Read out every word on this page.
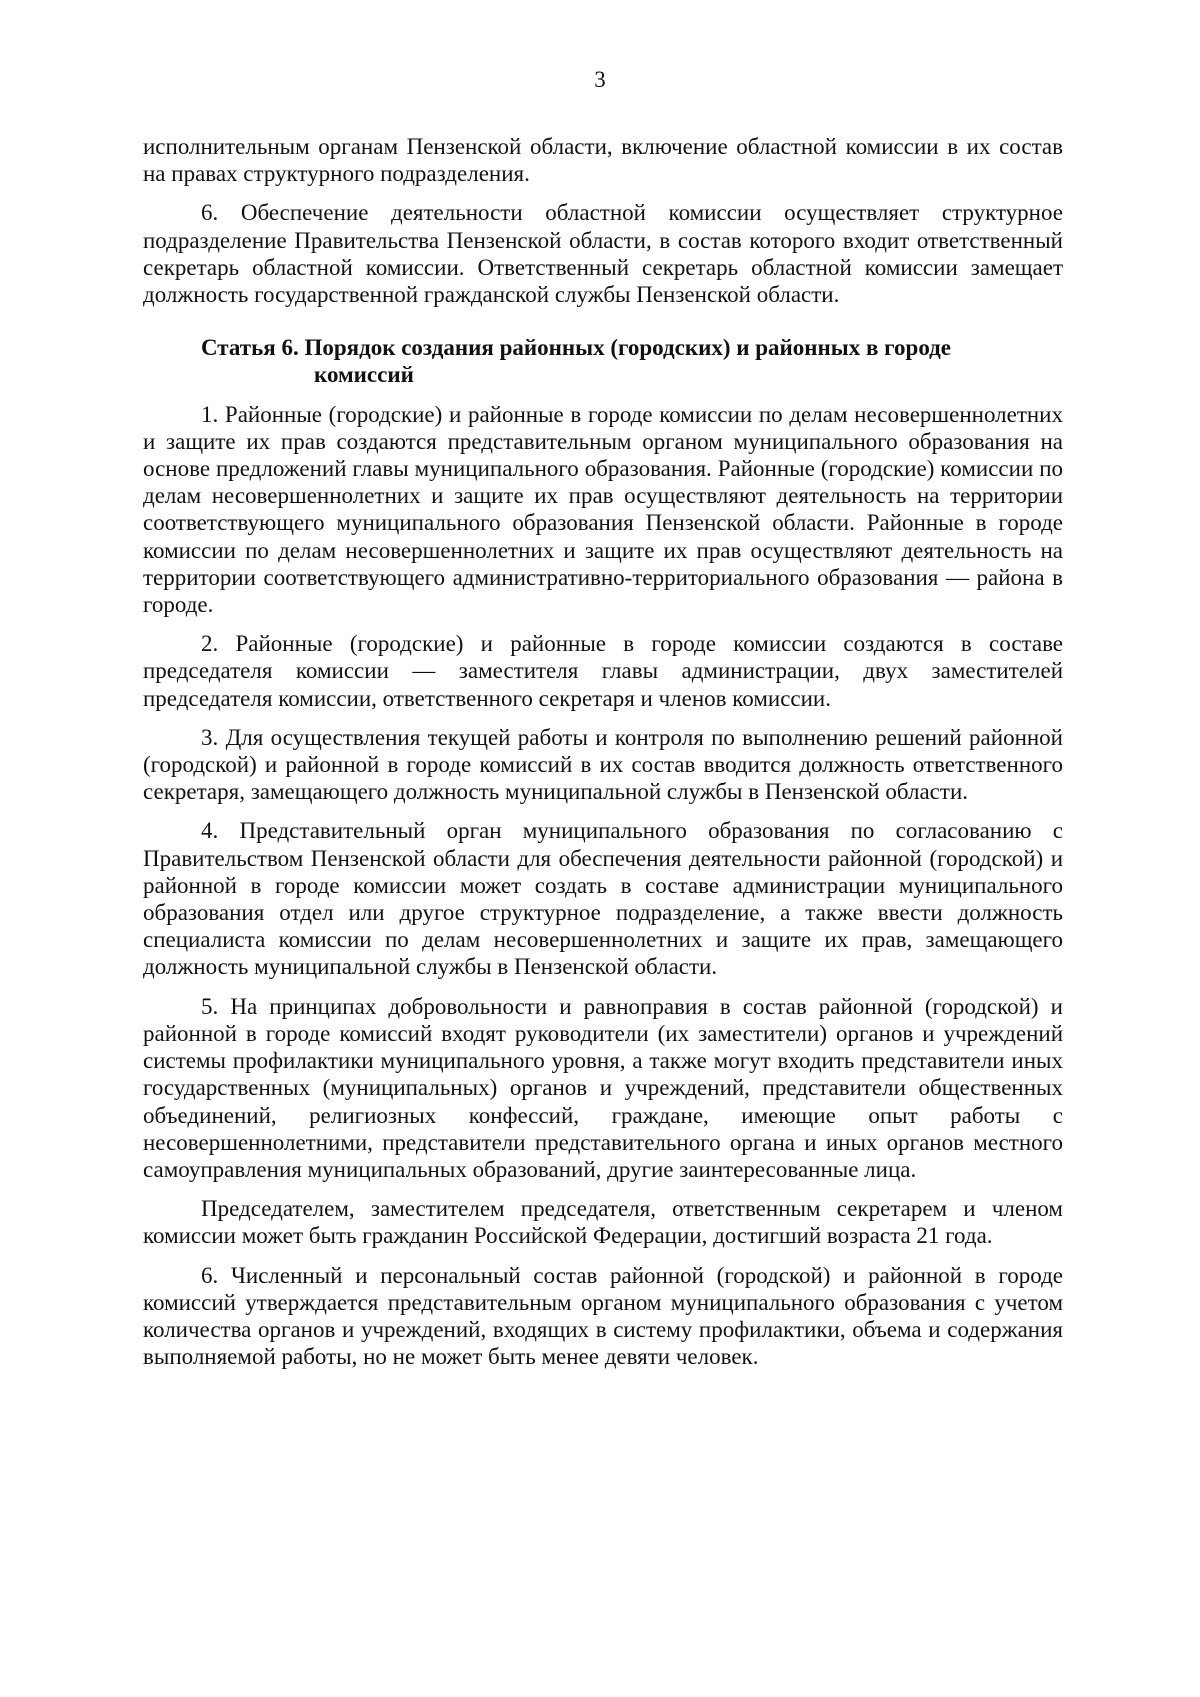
3

исполнительным органам Пензенской области, включение областной комиссии в их состав на правах структурного подразделения.

6. Обеспечение деятельности областной комиссии осуществляет структурное подразделение Правительства Пензенской области, в состав которого входит ответственный секретарь областной комиссии. Ответственный секретарь областной комиссии замещает должность государственной гражданской службы Пензенской области.

Статья 6. Порядок создания районных (городских) и районных в городе
комиссий

1. Районные (городские) и районные в городе комиссии по делам несовершеннолетних и защите их прав создаются представительным органом муниципального образования на основе предложений главы муниципального образования. Районные (городские) комиссии по делам несовершеннолетних и защите их прав осуществляют деятельность на территории соответствующего муниципального образования Пензенской области. Районные в городе комиссии по делам несовершеннолетних и защите их прав осуществляют деятельность на территории соответствующего административно-территориального образования — района в городе.

2. Районные (городские) и районные в городе комиссии создаются в составе председателя комиссии — заместителя главы администрации, двух заместителей председателя комиссии, ответственного секретаря и членов комиссии.

3. Для осуществления текущей работы и контроля по выполнению решений районной (городской) и районной в городе комиссий в их состав вводится должность ответственного секретаря, замещающего должность муниципальной службы в Пензенской области.

4. Представительный орган муниципального образования по согласованию с Правительством Пензенской области для обеспечения деятельности районной (городской) и районной в городе комиссии может создать в составе администрации муниципального образования отдел или другое структурное подразделение, а также ввести должность специалиста комиссии по делам несовершеннолетних и защите их прав, замещающего должность муниципальной службы в Пензенской области.

5. На принципах добровольности и равноправия в состав районной (городской) и районной в городе комиссий входят руководители (их заместители) органов и учреждений системы профилактики муниципального уровня, а также могут входить представители иных государственных (муниципальных) органов и учреждений, представители общественных объединений, религиозных конфессий, граждане, имеющие опыт работы с несовершеннолетними, представители представительного органа и иных органов местного самоуправления муниципальных образований, другие заинтересованные лица.

Председателем, заместителем председателя, ответственным секретарем и членом комиссии может быть гражданин Российской Федерации, достигший возраста 21 года.

6. Численный и персональный состав районной (городской) и районной в городе комиссий утверждается представительным органом муниципального образования с учетом количества органов и учреждений, входящих в систему профилактики, объема и содержания выполняемой работы, но не может быть менее девяти человек.
